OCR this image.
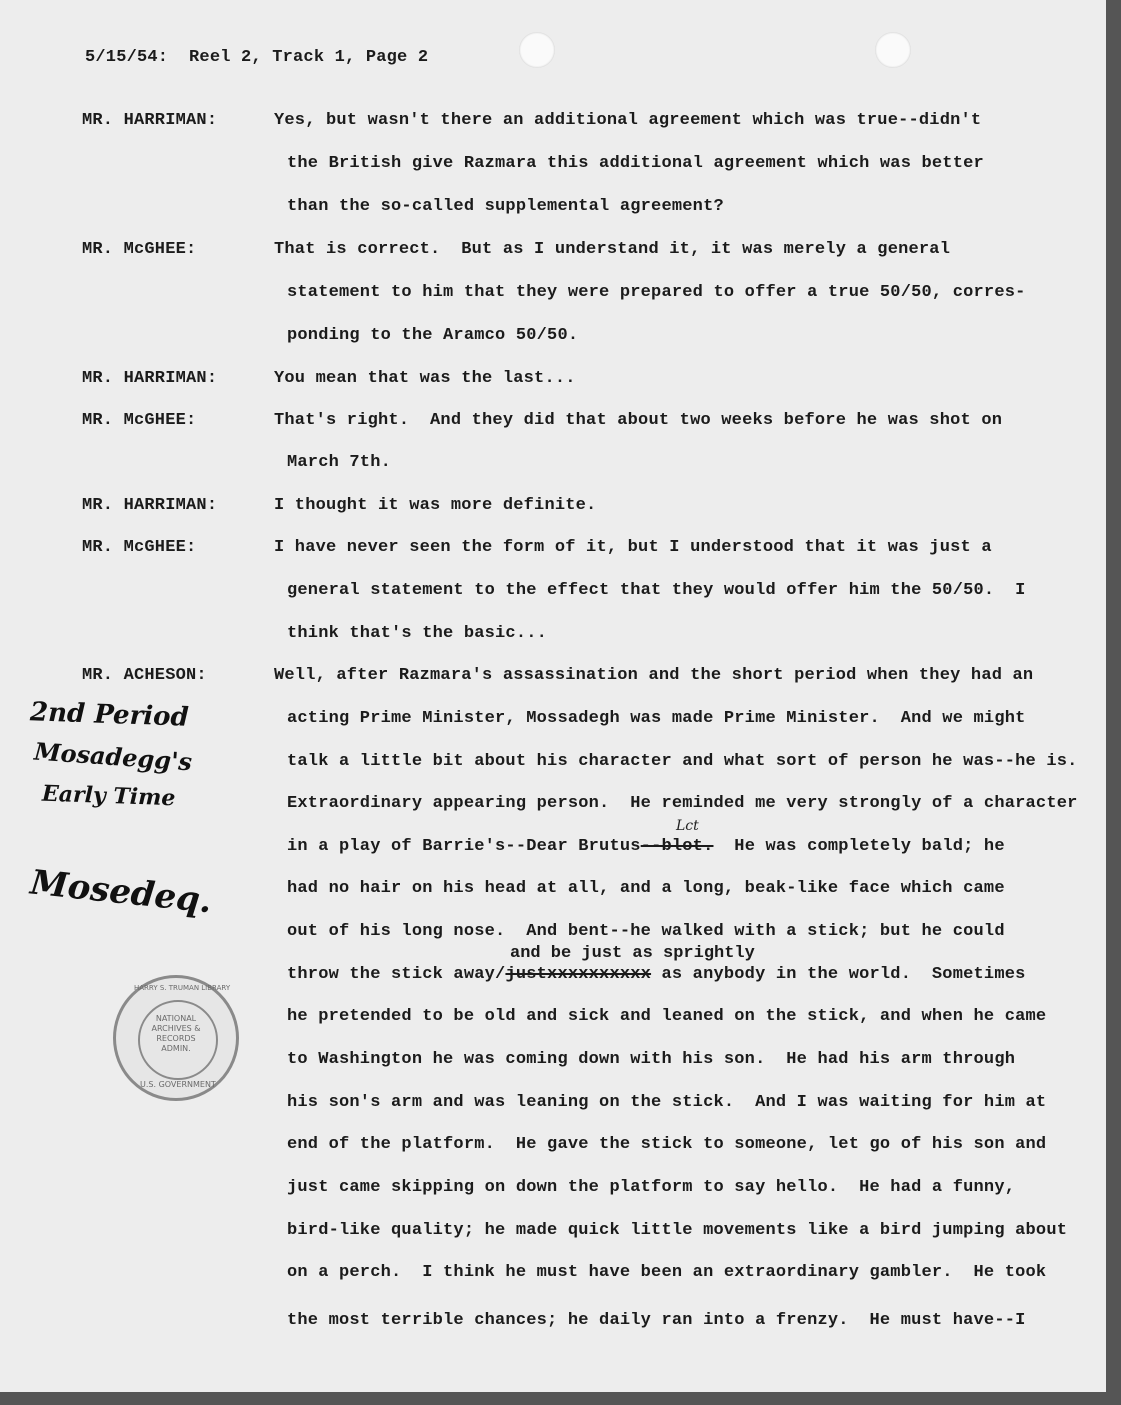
5/15/54:  Reel 2, Track 1, Page 2
MR. HARRIMAN:	Yes, but wasn't there an additional agreement which was true--didn't
the British give Razmara this additional agreement which was better
than the so-called supplemental agreement?
MR. McGHEE:	That is correct.  But as I understand it, it was merely a general
statement to him that they were prepared to offer a true 50/50, corres-
ponding to the Aramco 50/50.
MR. HARRIMAN:	You mean that was the last...
MR. McGHEE:	That's right.  And they did that about two weeks before he was shot on
March 7th.
MR. HARRIMAN:	I thought it was more definite.
MR. McGHEE:	I have never seen the form of it, but I understood that it was just a
general statement to the effect that they would offer him the 50/50.  I
think that's the basic...
MR. ACHESON:	Well, after Razmara's assassination and the short period when they had an
acting Prime Minister, Mossadegh was made Prime Minister.  And we might
talk a little bit about his character and what sort of person he was--he is.
Extraordinary appearing person.  He reminded me very strongly of a character
in a play of Barrie's--Dear Brutus--blot.  He was completely bald; he
Lct
had no hair on his head at all, and a long, beak-like face which came
out of his long nose.  And bent--he walked with a stick; but he could
and be just as sprightly
throw the stick away/justxxxxxxxxxx as anybody in the world.  Sometimes
he pretended to be old and sick and leaned on the stick, and when he came
to Washington he was coming down with his son.  He had his arm through
his son's arm and was leaning on the stick.  And I was waiting for him at
end of the platform.  He gave the stick to someone, let go of his son and
just came skipping on down the platform to say hello.  He had a funny,
bird-like quality; he made quick little movements like a bird jumping about
on a perch.  I think he must have been an extraordinary gambler.  He took
the most terrible chances; he daily ran into a frenzy.  He must have--I
2nd Period
Mosadegg's
Early Time
Mosedeq.
HARRY S. TRUMAN LIBRARY
NATIONAL
ARCHIVES &
RECORDS
ADMIN.
U.S. GOVERNMENT
